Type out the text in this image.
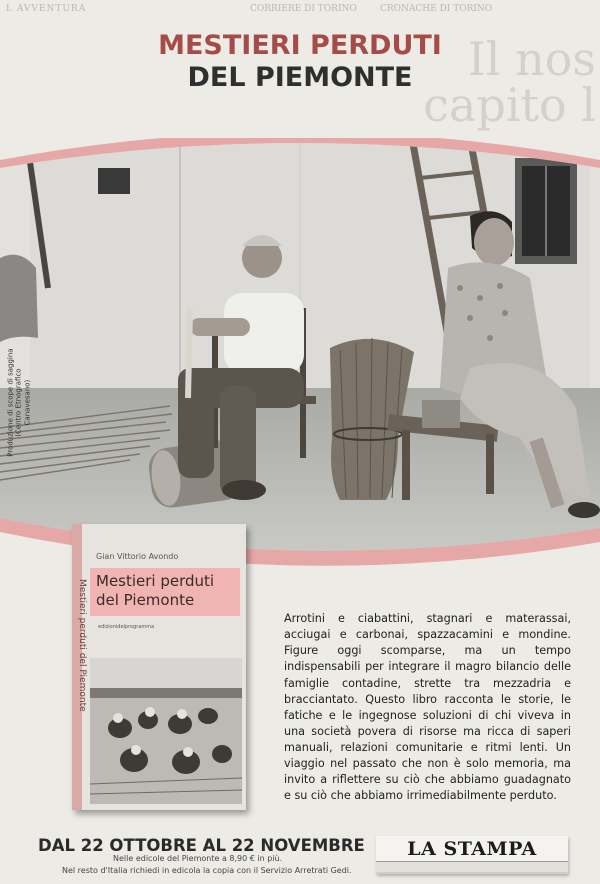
L AVVENTURA	CORRIERE DI TORINO	CRONACHE DI TORINO
Il nos
capito l
MESTIERI PERDUTI
DEL PIEMONTE
Produzione di scope di saggina (Centro Etnografico Canavesano)
Mestieri perduti del Piemonte
Gian Vittorio Avondo
Mestieri perduti
del Piemonte
edizionidelprogramma
Arrotini e ciabattini, stagnari e materassai, acciugai e carbonai, spazzacamini e mondine. Figure oggi scomparse, ma un tempo indispensabili per integrare il magro bilancio delle famiglie contadine, strette tra mezzadria e bracciantato. Questo libro racconta le storie, le fatiche e le ingegnose soluzioni di chi viveva in una società povera di risorse ma ricca di saperi manuali, relazioni comunitarie e ritmi lenti. Un viaggio nel passato che non è solo memoria, ma invito a riflettere su ciò che abbiamo guadagnato e su ciò che abbiamo irrimediabilmente perduto.
DAL 22 OTTOBRE AL 22 NOVEMBRE
Nelle edicole del Piemonte a 8,90 € in più.
Nel resto d'Italia richiedi in edicola la copia con il Servizio Arretrati Gedi.
LA STAMPA
